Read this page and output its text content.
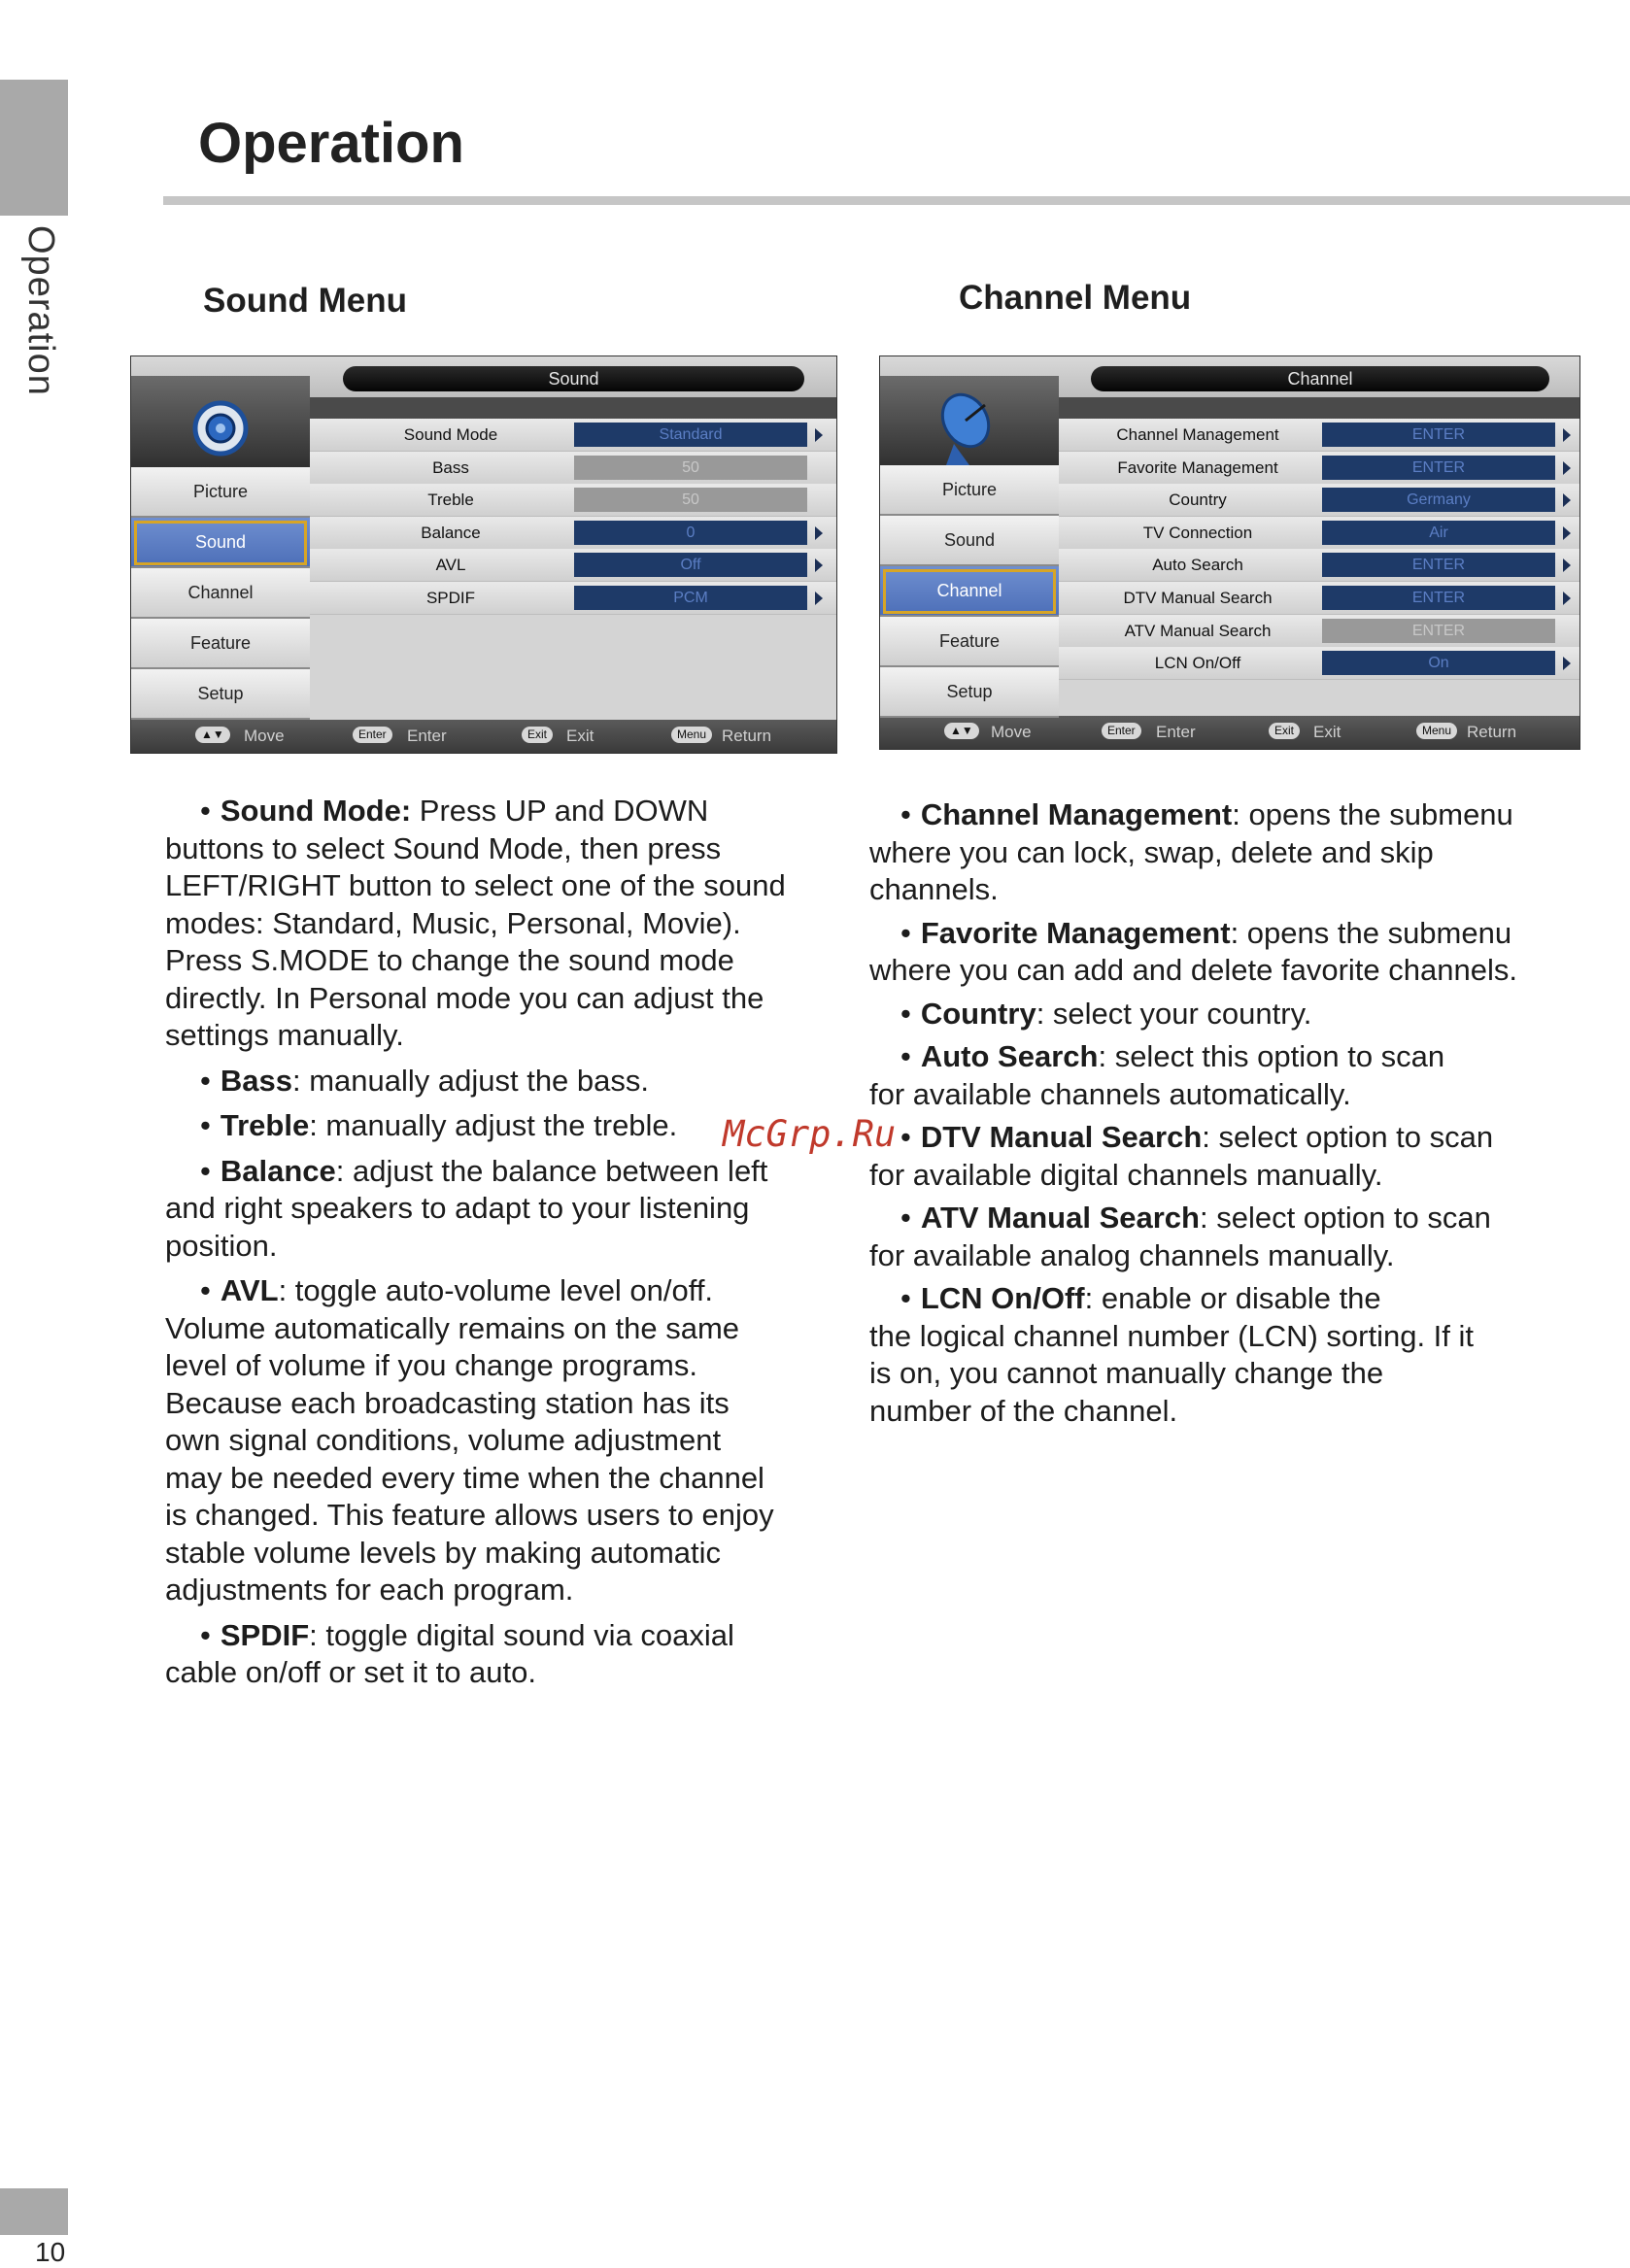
Operation
Operation
Sound Menu	Channel Menu
Sound
Sound Mode	Standard
Bass	50
Treble	50
Balance	0
AVL	Off
SPDIF	PCM
▲▼	Move	Enter	Enter	Exit	Exit	Menu Return
Picture
Sound
Channel
Feature
Setup
Channel
Channel Management	ENTER
Favorite Management	ENTER
Country	Germany
TV Connection	Air
Auto Search	ENTER
DTV Manual Search	ENTER
ATV Manual Search	ENTER
LCN On/Off	On
▲▼	Move	Enter	Enter	Exit	Exit	Menu Return
Picture
Sound
Channel
Feature
Setup
• Sound Mode: Press UP and DOWN
buttons to select Sound Mode, then press
LEFT/RIGHT button to select one of the sound
modes: Standard, Music, Personal, Movie).
Press S.MODE to change the sound mode
directly. In Personal mode you can adjust the
settings manually.
• Bass: manually adjust the bass.
• Treble: manually adjust the treble.
• Balance: adjust the balance between left
and right speakers to adapt to your listening
position.
• AVL: toggle auto-volume level on/off.
Volume automatically remains on the same
level of volume if you change programs.
Because each broadcasting station has its
own signal conditions, volume adjustment
may be needed every time when the channel
is changed. This feature allows users to enjoy
stable volume levels by making automatic
adjustments for each program.
• SPDIF: toggle digital sound via coaxial
cable on/off or set it to auto.
• Channel Management: opens the submenu
where you can lock, swap, delete and skip
channels.
• Favorite Management: opens the submenu
where you can add and delete favorite channels.
• Country: select your country.
• Auto Search: select this option to scan
for available channels automatically.
• DTV Manual Search: select option to scan
for available digital channels manually.
• ATV Manual Search: select option to scan
for available analog channels manually.
• LCN On/Off: enable or disable the
the logical channel number (LCN) sorting. If it
is on, you cannot manually change the
number of the channel.
McGrp.Ru
10
